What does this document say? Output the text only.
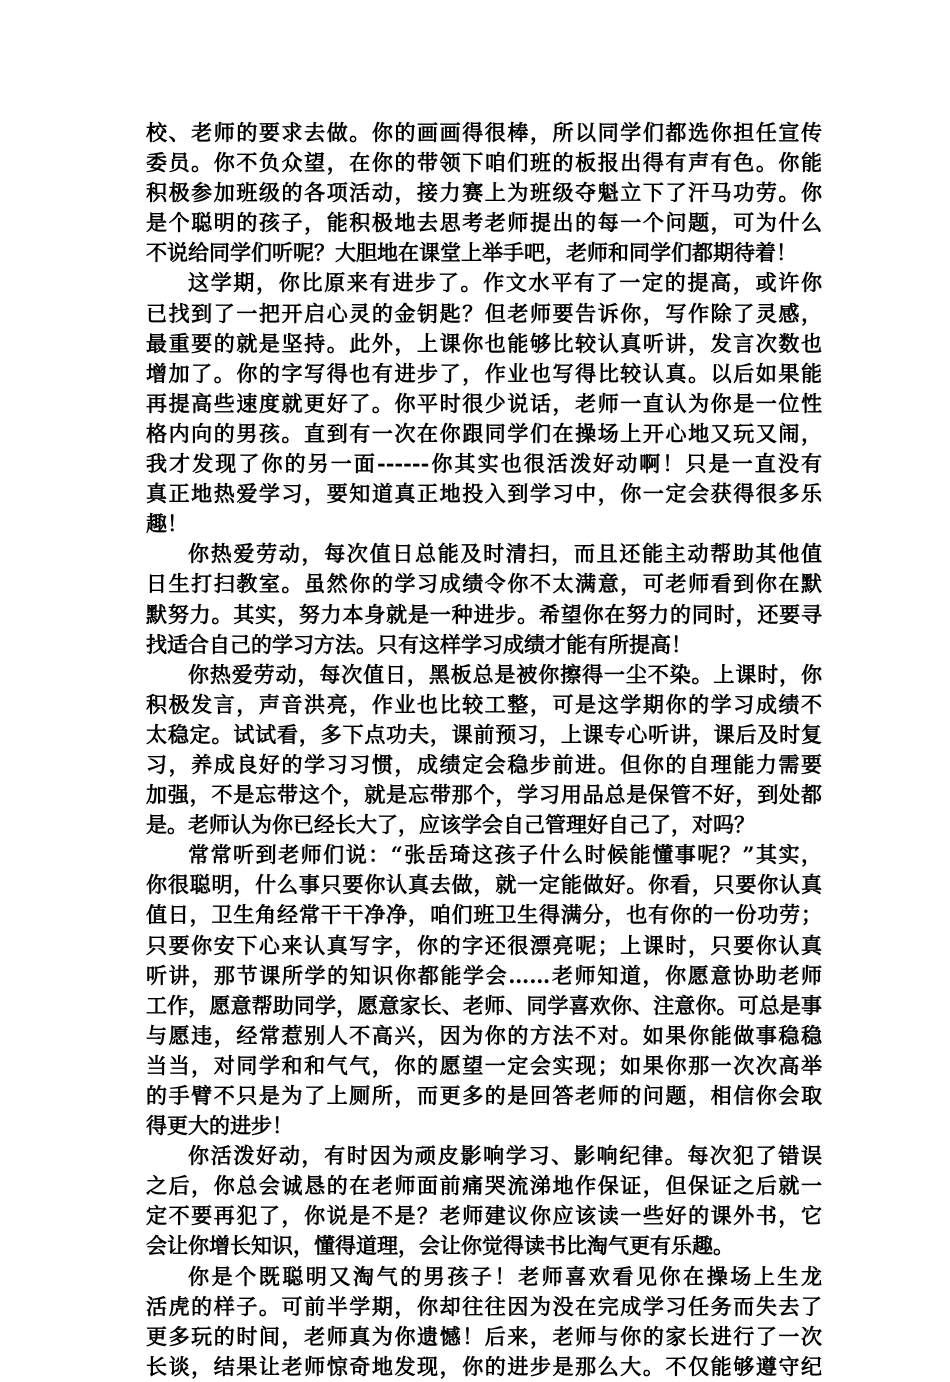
校、老师的要求去做。你的画画得很棒，所以同学们都选你担任宣传
委员。你不负众望，在你的带领下咱们班的板报出得有声有色。你能
积极参加班级的各项活动，接力赛上为班级夺魁立下了汗马功劳。你
是个聪明的孩子，能积极地去思考老师提出的每一个问题，可为什么
不说给同学们听呢？大胆地在课堂上举手吧，老师和同学们都期待着！
这学期，你比原来有进步了。作文水平有了一定的提高，或许你
已找到了一把开启心灵的金钥匙？但老师要告诉你，写作除了灵感，
最重要的就是坚持。此外，上课你也能够比较认真听讲，发言次数也
增加了。你的字写得也有进步了，作业也写得比较认真。以后如果能
再提高些速度就更好了。你平时很少说话，老师一直认为你是一位性
格内向的男孩。直到有一次在你跟同学们在操场上开心地又玩又闹，
我才发现了你的另一面------你其实也很活泼好动啊！只是一直没有
真正地热爱学习，要知道真正地投入到学习中，你一定会获得很多乐
趣！
你热爱劳动，每次值日总能及时清扫，而且还能主动帮助其他值
日生打扫教室。虽然你的学习成绩令你不太满意，可老师看到你在默
默努力。其实，努力本身就是一种进步。希望你在努力的同时，还要寻
找适合自己的学习方法。只有这样学习成绩才能有所提高！
你热爱劳动，每次值日，黑板总是被你擦得一尘不染。上课时，你
积极发言，声音洪亮，作业也比较工整，可是这学期你的学习成绩不
太稳定。试试看，多下点功夫，课前预习，上课专心听讲，课后及时复
习，养成良好的学习习惯，成绩定会稳步前进。但你的自理能力需要
加强，不是忘带这个，就是忘带那个，学习用品总是保管不好，到处都
是。老师认为你已经长大了，应该学会自己管理好自己了，对吗？
常常听到老师们说：“张岳琦这孩子什么时候能懂事呢？”其实，
你很聪明，什么事只要你认真去做，就一定能做好。你看，只要你认真
值日，卫生角经常干干净净，咱们班卫生得满分，也有你的一份功劳；
只要你安下心来认真写字，你的字还很漂亮呢；上课时，只要你认真
听讲，那节课所学的知识你都能学会……老师知道，你愿意协助老师
工作，愿意帮助同学，愿意家长、老师、同学喜欢你、注意你。可总是事
与愿违，经常惹别人不高兴，因为你的方法不对。如果你能做事稳稳
当当，对同学和和气气，你的愿望一定会实现；如果你那一次次高举
的手臂不只是为了上厕所，而更多的是回答老师的问题，相信你会取
得更大的进步！
你活泼好动，有时因为顽皮影响学习、影响纪律。每次犯了错误
之后，你总会诚恳的在老师面前痛哭流涕地作保证，但保证之后就一
定不要再犯了，你说是不是？老师建议你应该读一些好的课外书，它
会让你增长知识，懂得道理，会让你觉得读书比淘气更有乐趣。
你是个既聪明又淘气的男孩子！老师喜欢看见你在操场上生龙
活虎的样子。可前半学期，你却往往因为没在完成学习任务而失去了
更多玩的时间，老师真为你遗憾！后来，老师与你的家长进行了一次
长谈，结果让老师惊奇地发现，你的进步是那么大。不仅能够遵守纪
